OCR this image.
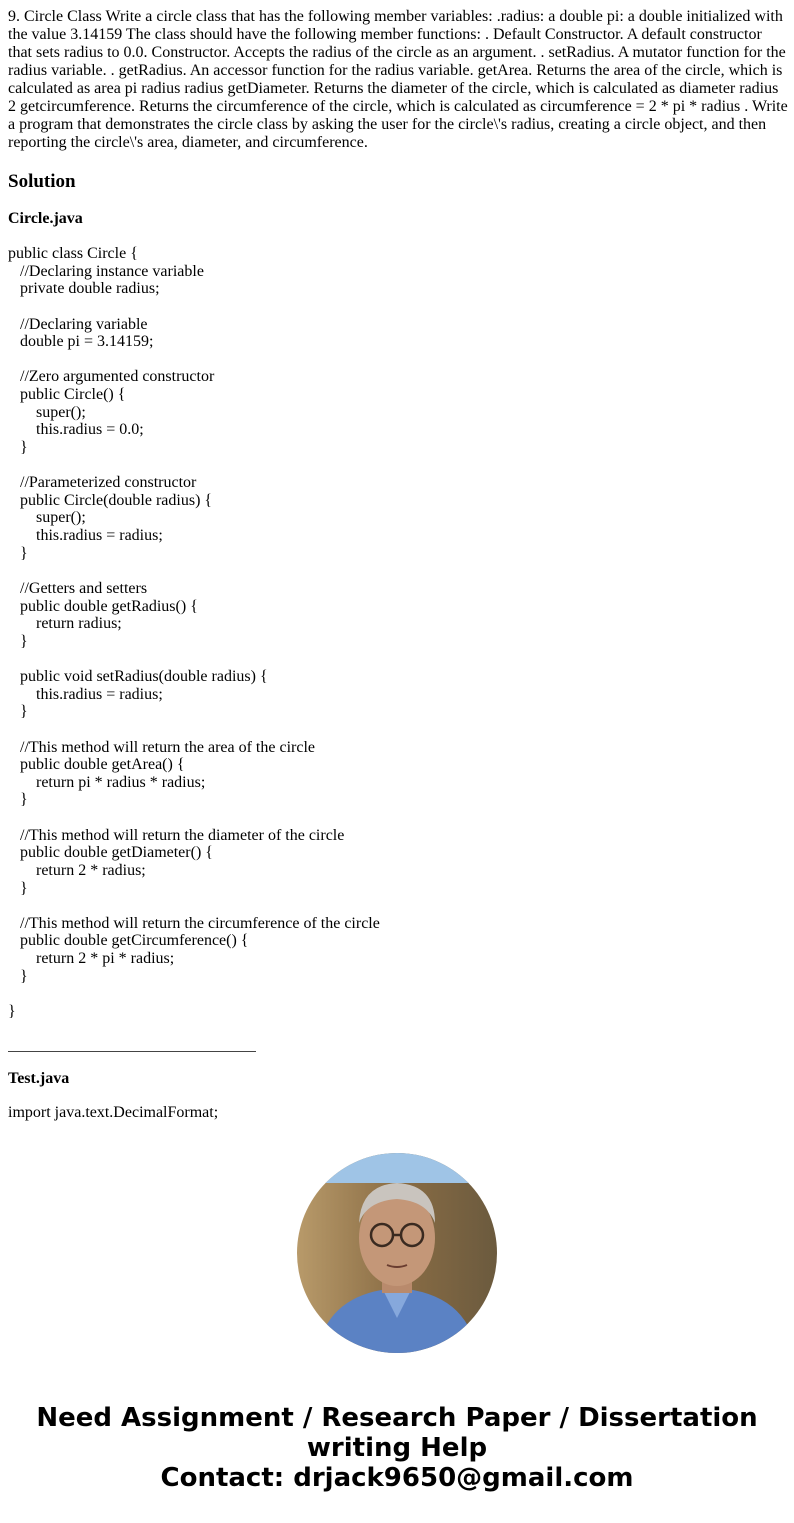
9. Circle Class Write a circle class that has the following member variables: .radius: a double pi: a double initialized with the value 3.14159 The class should have the following member functions: . Default Constructor. A default constructor that sets radius to 0.0. Constructor. Accepts the radius of the circle as an argument. . setRadius. A mutator function for the radius variable. . getRadius. An accessor function for the radius variable. getArea. Returns the area of the circle, which is calculated as area pi radius radius getDiameter. Returns the diameter of the circle, which is calculated as diameter radius 2 getcircumference. Returns the circumference of the circle, which is calculated as circumference = 2 * pi * radius . Write a program that demonstrates the circle class by asking the user for the circle\'s radius, creating a circle object, and then reporting the circle\'s area, diameter, and circumference.

Solution

Circle.java

public class Circle {
//Declaring instance variable
private double radius;
//Declaring variable
double pi = 3.14159;
//Zero argumented constructor
public Circle() {
super();
this.radius = 0.0;
}
//Parameterized constructor
public Circle(double radius) {
super();
this.radius = radius;
}
//Getters and setters
public double getRadius() {
return radius;
}
public void setRadius(double radius) {
this.radius = radius;
}
//This method will return the area of the circle
public double getArea() {
return pi * radius * radius;
}
//This method will return the diameter of the circle
public double getDiameter() {
return 2 * radius;
}
//This method will return the circumference of the circle
public double getCircumference() {
return 2 * pi * radius;
}
}

Test.java

import java.text.DecimalFormat;

Need Assignment / Research Paper / Dissertation
writing Help
Contact: drjack9650@gmail.com
